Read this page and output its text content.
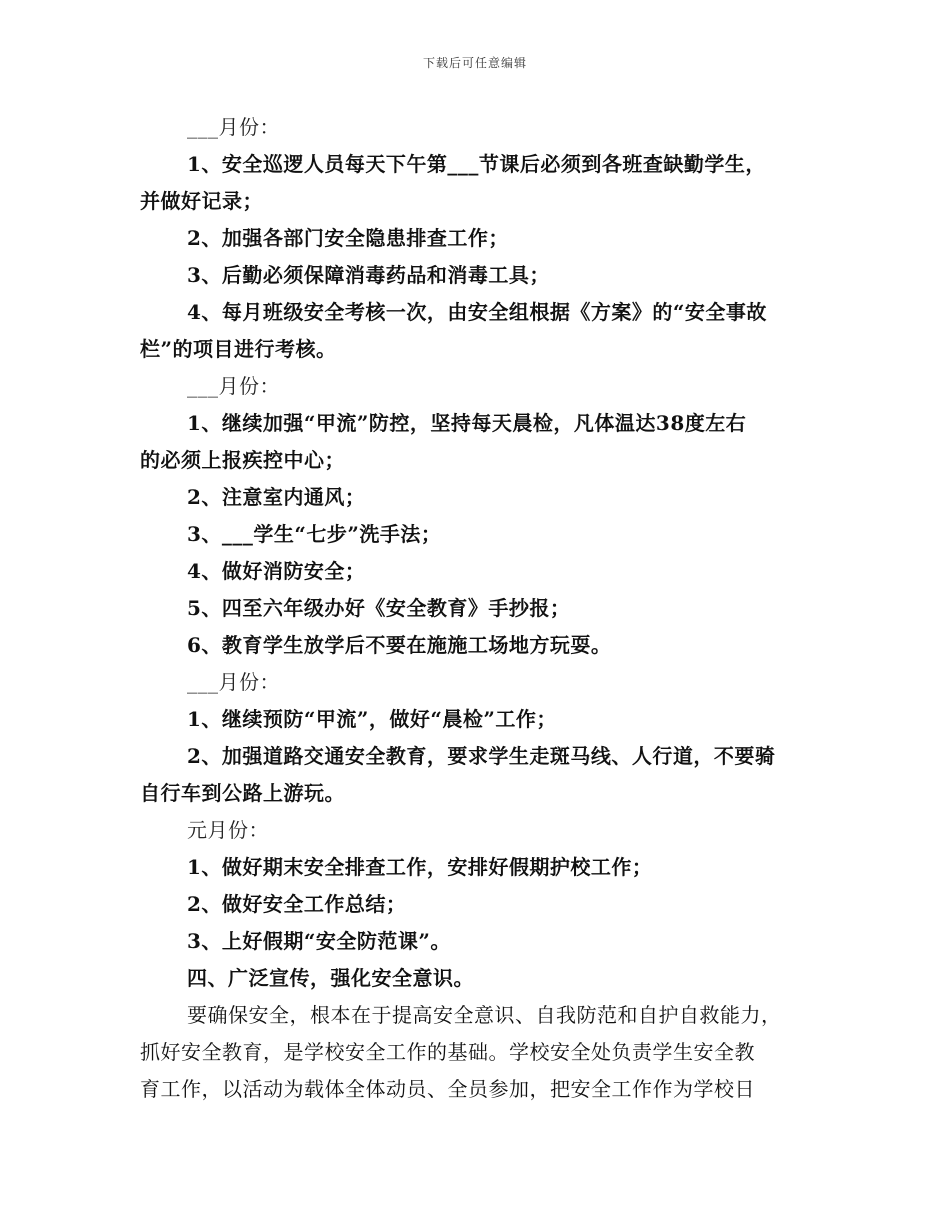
下载后可任意编辑
___月份：
1、安全巡逻人员每天下午第___节课后必须到各班查缺勤学生，
并做好记录；
2、加强各部门安全隐患排查工作；
3、后勤必须保障消毒药品和消毒工具；
4、每月班级安全考核一次，由安全组根据《方案》的“安全事故
栏”的项目进行考核。
___月份：
1、继续加强“甲流”防控，坚持每天晨检，凡体温达38度左右
的必须上报疾控中心；
2、注意室内通风；
3、___学生“七步”洗手法；
4、做好消防安全；
5、四至六年级办好《安全教育》手抄报；
6、教育学生放学后不要在施施工场地方玩耍。
___月份：
1、继续预防“甲流”，做好“晨检”工作；
2、加强道路交通安全教育，要求学生走斑马线、人行道，不要骑
自行车到公路上游玩。
元月份：
1、做好期末安全排查工作，安排好假期护校工作；
2、做好安全工作总结；
3、上好假期“安全防范课”。
四、广泛宣传，强化安全意识。
要确保安全，根本在于提高安全意识、自我防范和自护自救能力，
抓好安全教育，是学校安全工作的基础。学校安全处负责学生安全教
育工作，以活动为载体全体动员、全员参加，把安全工作作为学校日
